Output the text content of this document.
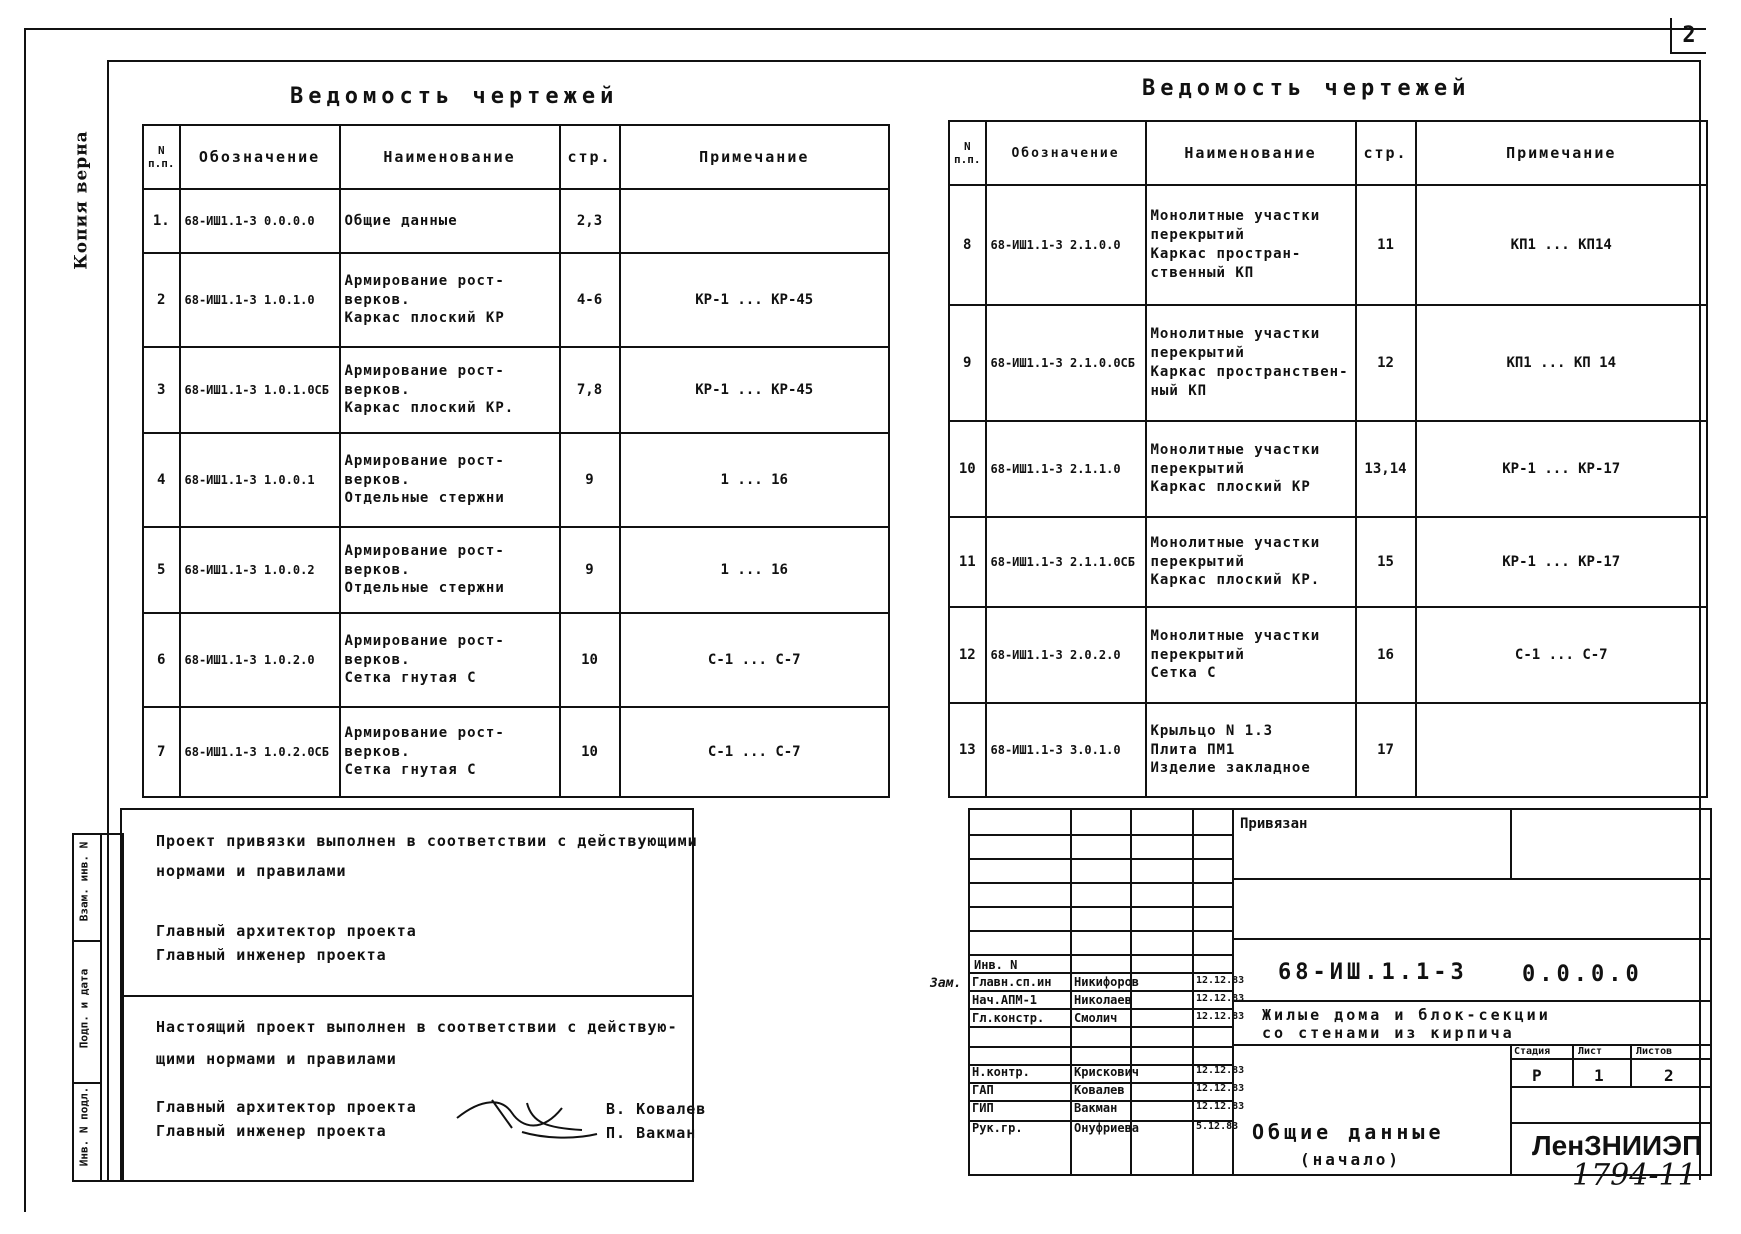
2
Копия верна
Ведомость чертежей	Ведомость чертежей
N п.п.	Обозначение	Наименование	стр.	Примечание
1.	68-ИШ1.1-3 0.0.0.0	Общие данные	2,3	
2	68-ИШ1.1-3 1.0.1.0	Армирование рост-
верков.
Каркас плоский КР	4-6	КР-1 ... КР-45
3	68-ИШ1.1-3 1.0.1.0СБ	Армирование рост-
верков.
Каркас плоский КР.	7,8	КР-1 ... КР-45
4	68-ИШ1.1-3 1.0.0.1	Армирование рост-
верков.
Отдельные стержни	9	1 ... 16
5	68-ИШ1.1-3 1.0.0.2	Армирование рост-
верков.
Отдельные стержни	9	1 ... 16
6	68-ИШ1.1-3 1.0.2.0	Армирование рост-
верков.
Сетка гнутая С	10	С-1 ... С-7
7	68-ИШ1.1-3 1.0.2.0СБ	Армирование рост-
верков.
Сетка гнутая С	10	С-1 ... С-7
N п.п.	Обозначение	Наименование	стр.	Примечание
8	68-ИШ1.1-3 2.1.0.0	Монолитные участки
перекрытий
Каркас простран-
ственный КП	11	КП1 ... КП14
9	68-ИШ1.1-3 2.1.0.0СБ	Монолитные участки
перекрытий
Каркас пространствен-
ный КП	12	КП1 ... КП 14
10	68-ИШ1.1-3 2.1.1.0	Монолитные участки
перекрытий
Каркас плоский КР	13,14	КР-1 ... КР-17
11	68-ИШ1.1-3 2.1.1.0СБ	Монолитные участки
перекрытий
Каркас плоский КР.	15	КР-1 ... КР-17
12	68-ИШ1.1-3 2.0.2.0	Монолитные участки
перекрытий
Сетка С	16	С-1 ... С-7
13	68-ИШ1.1-3 3.0.1.0	Крыльцо N 1.3
Плита ПМ1
Изделие закладное	17	
Взам. инв. N
Подп. и дата
Инв. N подл.
Проект привязки выполнен в соответствии с действующими
нормами и правилами
Главный архитектор проекта
Главный инженер проекта
Настоящий проект выполнен в соответствии с действую-
щими нормами и правилами
Главный архитектор проекта
Главный инженер проекта
В. Ковалев
П. Вакман
Привязан
Инв. N
Зам. Главн.сп.ин Никифоров	12.12.83
Нач.АПМ-1	Николаев	12.12.83
Гл.констр. Смолич	12.12.83
Н.контр.	Крискович	12.12.83
ГАП	Ковалев	12.12.83
ГИП	Вакман	12.12.83
Рук.гр.	Онуфриева	5.12.83
68-ИШ.1.1-3 0.0.0.0
Жилые дома и блок-секции
со стенами из кирпича
Стадия	Лист	Листов
Р	1	2
Общие данные
(начало)	ЛенЗНИИЭП
1794-11
